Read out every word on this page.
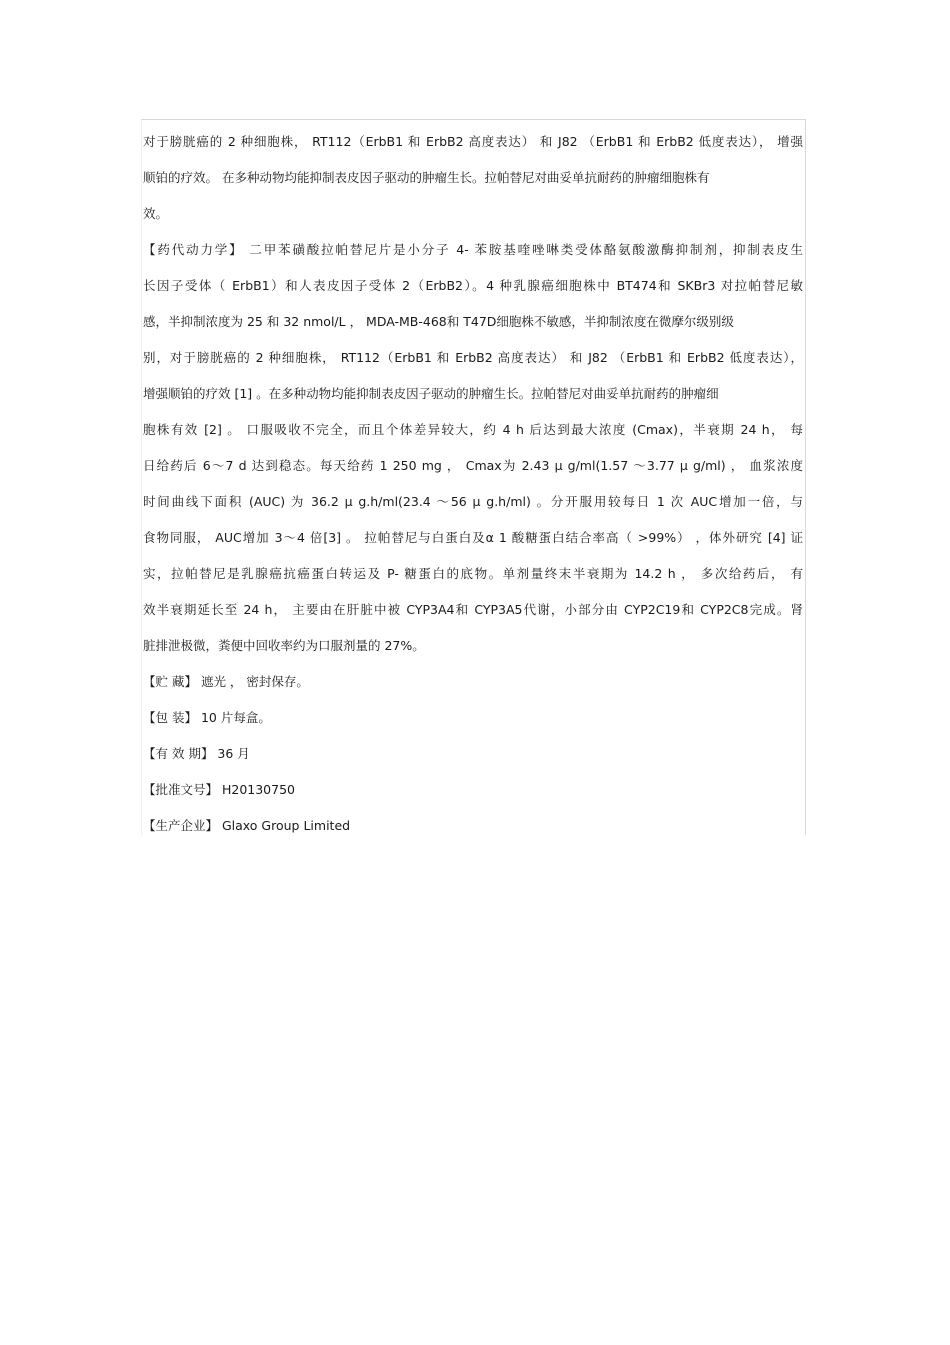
对于膀胱癌的 2 种细胞株， RT112（ErbB1 和 ErbB2 高度表达） 和 J82 （ErbB1 和 ErbB2 低度表达）， 增强
顺铂的疗效。 在多种动物均能抑制表皮因子驱动的肿瘤生长。拉帕替尼对曲妥单抗耐药的肿瘤细胞株有
效。
【药代动力学】 二甲苯磺酸拉帕替尼片是小分子 4- 苯胺基喹唑啉类受体酪氨酸激酶抑制剂，抑制表皮生
长因子受体（ ErbB1）和人表皮因子受体 2（ErbB2）。4 种乳腺癌细胞株中 BT474和 SKBr3 对拉帕替尼敏
感，半抑制浓度为 25 和 32 nmol/L ， MDA-MB-468和 T47D细胞株不敏感，半抑制浓度在微摩尔级别级
别，对于膀胱癌的 2 种细胞株， RT112（ErbB1 和 ErbB2 高度表达） 和 J82 （ErbB1 和 ErbB2 低度表达），
增强顺铂的疗效 [1] 。在多种动物均能抑制表皮因子驱动的肿瘤生长。拉帕替尼对曲妥单抗耐药的肿瘤细
胞株有效 [2] 。 口服吸收不完全，而且个体差异较大，约 4 h 后达到最大浓度 (Cmax)，半衰期 24 h， 每
日给药后 6～7 d 达到稳态。每天给药 1 250 mg ， Cmax为 2.43 μ g/ml(1.57 ～3.77 μ g/ml) ， 血浆浓度
时间曲线下面积 (AUC) 为 36.2 μ g.h/ml(23.4 ～56 μ g.h/ml) 。分开服用较每日 1 次 AUC增加一倍，与
食物同服， AUC增加 3～4 倍[3] 。 拉帕替尼与白蛋白及α 1 酸糖蛋白结合率高（ >99%） ，体外研究 [4] 证
实，拉帕替尼是乳腺癌抗癌蛋白转运及 P- 糖蛋白的底物。单剂量终末半衰期为 14.2 h ， 多次给药后， 有
效半衰期延长至 24 h， 主要由在肝脏中被 CYP3A4和 CYP3A5代谢，小部分由 CYP2C19和 CYP2C8完成。肾
脏排泄极微，粪便中回收率约为口服剂量的 27%。
【贮 藏】 遮光 ， 密封保存。
【包 装】 10 片每盒。
【有 效 期】 36 月
【批准文号】 H20130750
【生产企业】 Glaxo Group Limited
